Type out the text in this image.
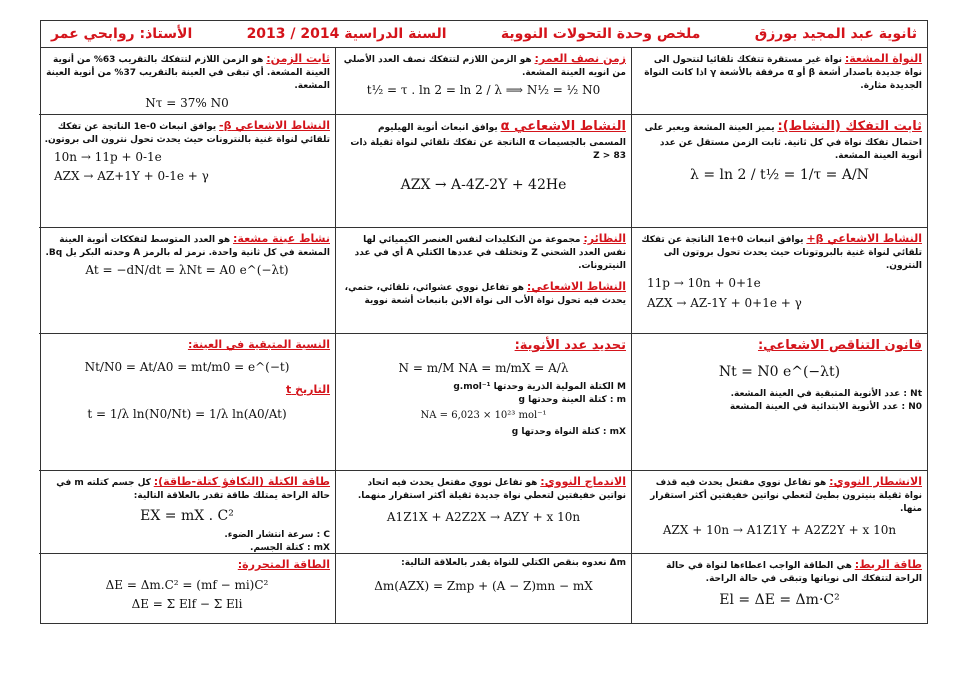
ثانوية عبد المجيد بورزق
ملخص وحدة التحولات النووية
السنة الدراسية 2014 / 2013
الأستاذ: روابحي عمر
النواة المشعة: نواة غير مستقرة تتفكك تلقائيا لتتحول الى نواة جديدة باصدار أشعة β أو α مرفقة بالأشعة γ اذا كانت النواة الجديدة مثارة.
زمن نصف العمر: هو الزمن اللازم لتتفكك نصف العدد الأصلي من انويه العينة المشعة.
t½ = τ . ln 2 = ln 2 / λ ⟹ N½ = ½ N0
ثابت الزمن: هو الزمن اللازم لتتفكك بالتقريب 63% من أنوية العينة المشعة. أي تبقى في العينة بالتقريب 37% من أنوية العينة المشعة.
Nτ = 37% N0
ثابت التفكك (النشاط): يميز العينة المشعة ويعبر على احتمال تفكك نواة في كل ثانية. ثابت الزمن مستقل عن عدد أنوية العينة المشعة.
λ = ln 2 / t½ = 1/τ = A/N
النشاط الاشعاعي α يوافق انبعاث أنوية الهيليوم المسمى بالجسيمات α الناتجة عن تفكك تلقائي لنواة ثقيلة ذات Z > 83
AZX → A-4Z-2Y + 42He
النشاط الاشعاعي β- يوافق انبعاث 0-1e الناتجة عن تفكك تلقائي لنواة غنية بالنترونات حيث يحدث تحول نترون الى بروتون.
10n → 11p + 0-1e
AZX → AZ+1Y + 0-1e + γ
النشاط الاشعاعي β+ يوافق انبعاث 0+1e الناتجة عن تفكك تلقائي لنواة غنية بالبروتونات حيث يحدث تحول بروتون الى النترون.
11p → 10n + 0+1e
AZX → AZ-1Y + 0+1e + γ
النظائر: مجموعة من النكليدات لنفس العنصر الكيميائي لها نفس العدد الشحني Z وتختلف في عددها الكتلي A أي في عدد النيترونات.
النشاط الاشعاعي: هو تفاعل نووي عشوائي، تلقائي، حتمي، يحدث فيه تحول نواة الأب الى نواة الابن بانبعاث أشعة نووية
نشاط عينة مشعة: هو العدد المتوسط لتفككات أنوية العينة المشعة في كل ثانية واحدة. نرمز له بالرمز A وحدته البكر يل Bq.
At = −dN/dt = λNt = A0 e^(−λt)
قانون التناقص الاشعاعي:
Nt = N0 e^(−λt)
Nt : عدد الأنوية المتبقية في العينة المشعة.
N0 : عدد الأنوية الابتدائية في العينة المشعة
تحديد عدد الأنوية:
N = m/M NA = m/mX = A/λ
M الكتلة المولية الذرية وحدتها g.mol⁻¹
m : كتلة العينة وحدتها g
NA = 6,023 × 10²³ mol⁻¹
mX : كتلة النواة وحدتها g
النسبة المتبقية في العينة:
Nt/N0 = At/A0 = mt/m0 = e^(−t)
التاريخ t
t = 1/λ ln(N0/Nt) = 1/λ ln(A0/At)
الانشطار النووي: هو تفاعل نووي مفتعل يحدث فيه قذف نواة ثقيلة بنيترون بطيئ لتعطي نواتين خفيفتين أكثر استقرار منها.
AZX + 10n → A1Z1Y + A2Z2Y + x 10n
الاندماج النووي: هو تفاعل نووي مفتعل يحدث فيه اتحاد نواتين خفيفتين لتعطي نواة جديدة ثقيلة أكثر استقرار منهما.
A1Z1X + A2Z2X → AZY + x 10n
طاقة الكتلة (التكافؤ كتلة-طاقة): كل جسم كتلته m في حالة الراحة يمتلك طاقة تقدر بالعلاقة التالية:
EX = mX . C²
C : سرعة انتشار الضوء.
mX : كتلة الجسم.
طاقة الربط: هي الطاقة الواجب اعطاءها لنواة في حالة الراحة لتتفكك الى نوياتها وتبقى في حالة الراحة.
El = ΔE = Δm·C²
Δm نعدوه بنقص الكتلي للنواة يقدر بالعلاقة التالية:
Δm(AZX) = Zmp + (A − Z)mn − mX
الطاقة المتحررة:
ΔE = Δm.C² = (mf − mi)C²
ΔE = Σ Elf − Σ Eli
